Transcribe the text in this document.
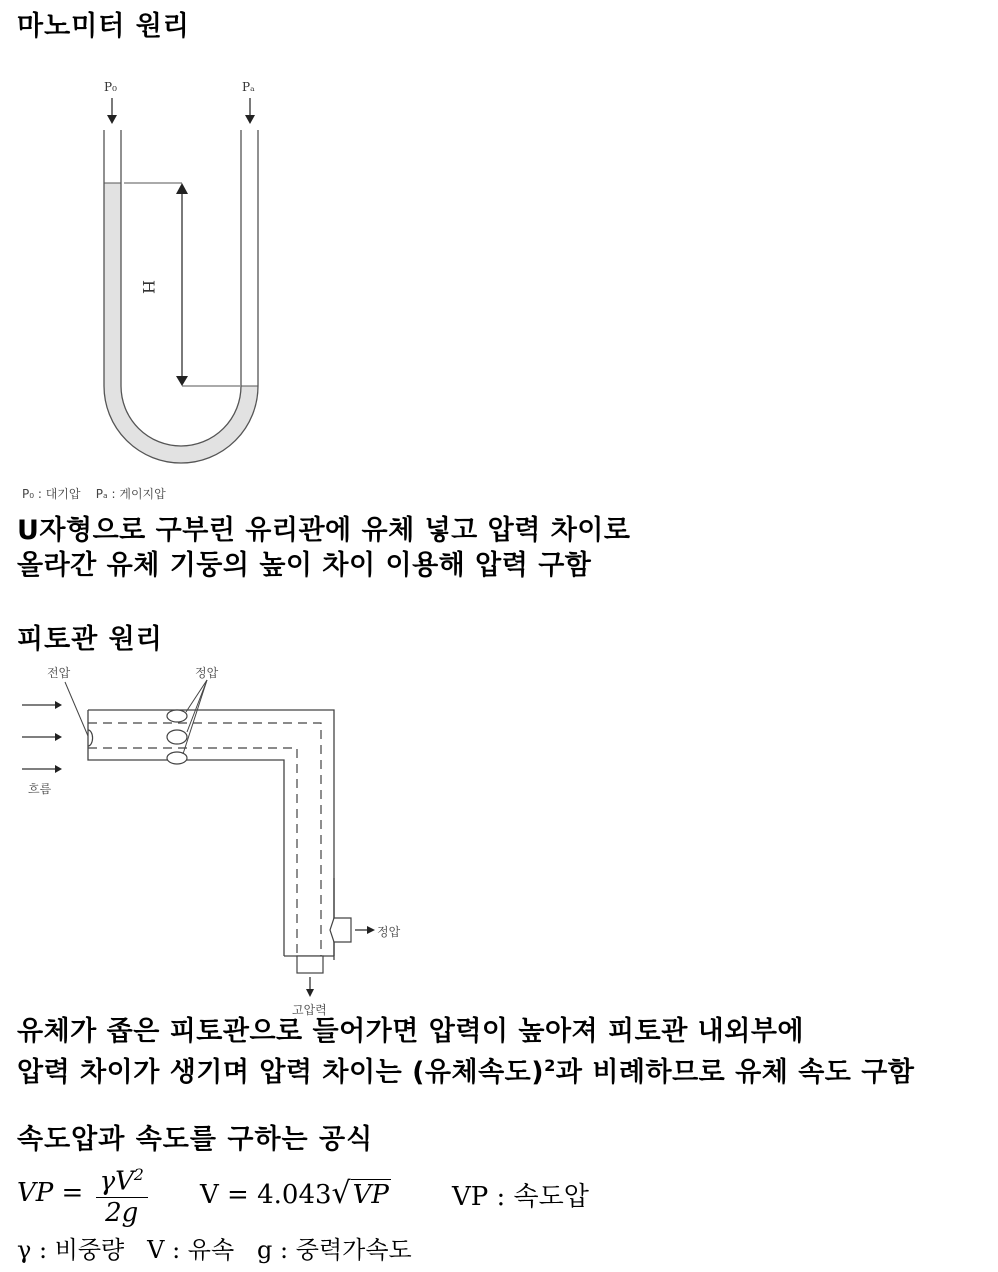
마노미터 원리
P₀	Pₐ
H
P₀ : 대기압    Pₐ : 게이지압
U자형으로 구부린 유리관에 유체 넣고 압력 차이로
올라간 유체 기둥의 높이 차이 이용해 압력 구함
피토관 원리
전압	정압
흐름
정압
고압력
유체가 좁은 피토관으로 들어가면 압력이 높아져 피토관 내외부에
압력 차이가 생기며 압력 차이는 (유체속도)$^2$과 비례하므로 유체 속도 구함
속도압과 속도를 구하는 공식
VP = $\frac{\gamma V^2}{2g}$ V = 4.043√VP VP : 속도압
γ : 비중량   V : 유속   g : 중력가속도
